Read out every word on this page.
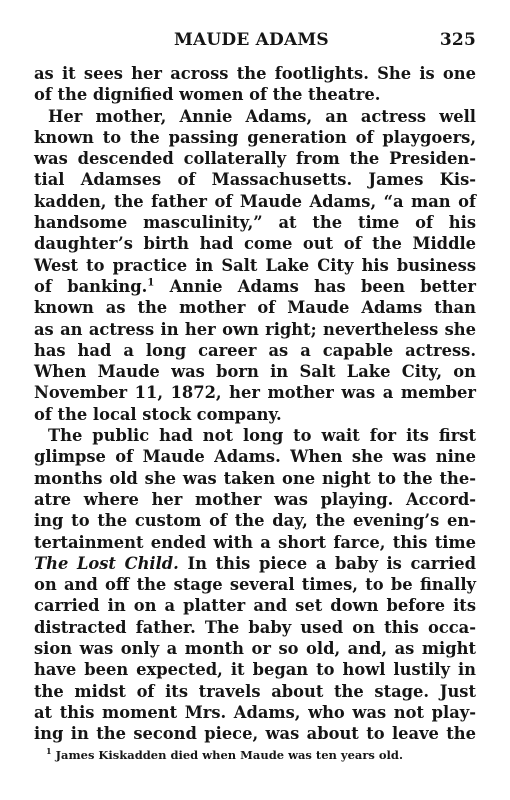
MAUDE ADAMS	325
as it sees her across the footlights. She is one
of the dignified women of the theatre.
Her mother, Annie Adams, an actress well
known to the passing generation of playgoers,
was descended collaterally from the Presiden-
tial Adamses of Massachusetts. James Kis-
kadden, the father of Maude Adams, “a man of
handsome masculinity,” at the time of his
daughter’s birth had come out of the Middle
West to practice in Salt Lake City his business
of banking.$^1$ Annie Adams has been better
known as the mother of Maude Adams than
as an actress in her own right; nevertheless she
has had a long career as a capable actress.
When Maude was born in Salt Lake City, on
November 11, 1872, her mother was a member
of the local stock company.
The public had not long to wait for its first
glimpse of Maude Adams. When she was nine
months old she was taken one night to the the-
atre where her mother was playing. Accord-
ing to the custom of the day, the evening’s en-
tertainment ended with a short farce, this time
The Lost Child. In this piece a baby is carried
on and off the stage several times, to be finally
carried in on a platter and set down before its
distracted father. The baby used on this occa-
sion was only a month or so old, and, as might
have been expected, it began to howl lustily in
the midst of its travels about the stage. Just
at this moment Mrs. Adams, who was not play-
ing in the second piece, was about to leave the
$^1$ James Kiskadden died when Maude was ten years old.
